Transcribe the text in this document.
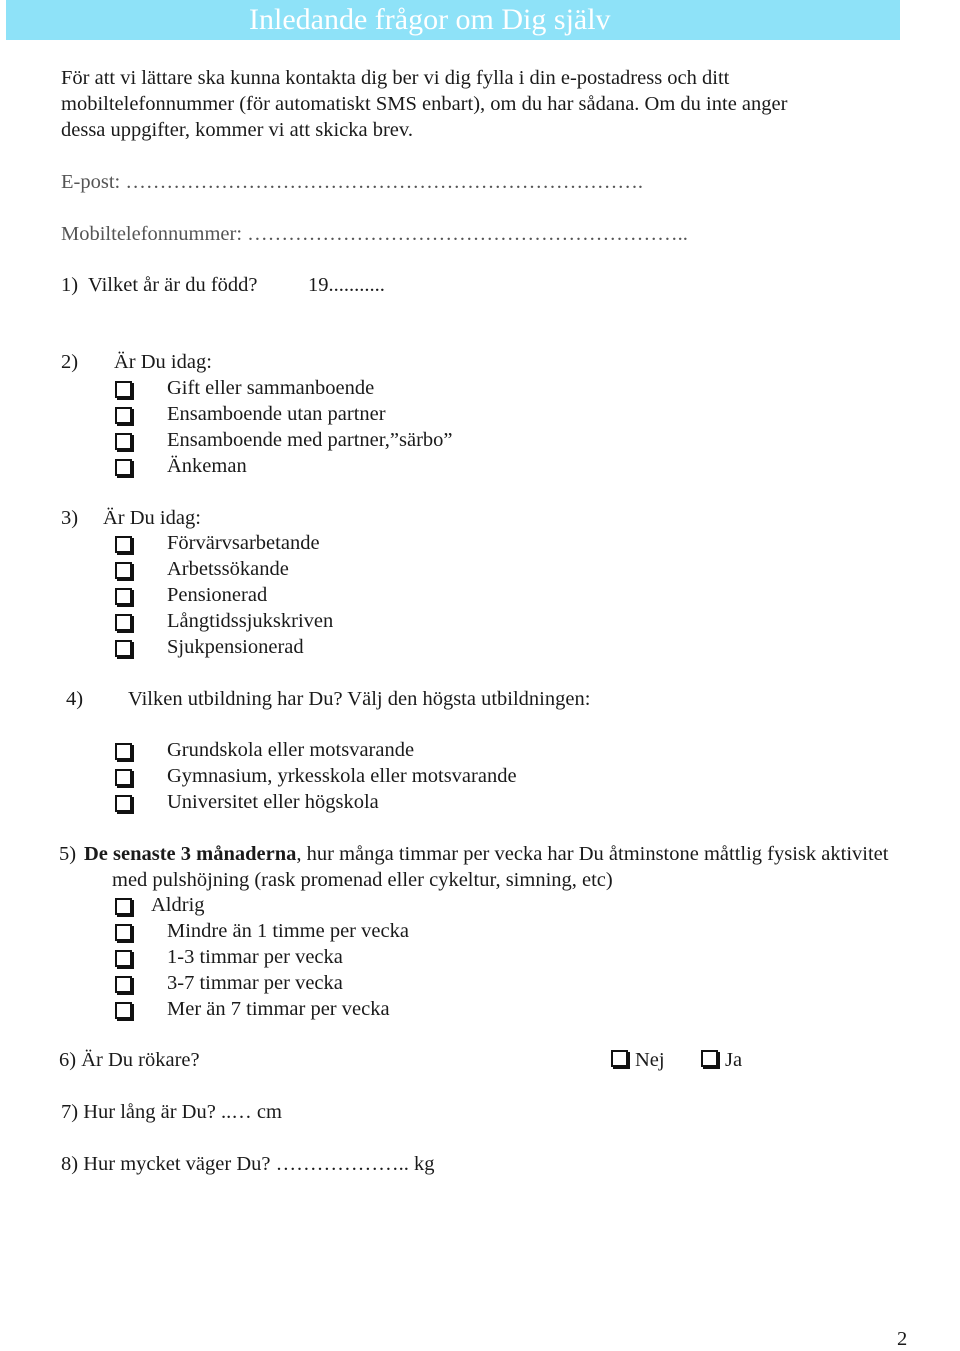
Inledande frågor om Dig själv
För att vi lättare ska kunna kontakta dig ber vi dig fylla i din e-postadress och ditt
mobiltelefonnummer (för automatiskt SMS enbart), om du har sådana. Om du inte anger
dessa uppgifter, kommer vi att skicka brev.
E-post: ………………………………………………………………….
Mobiltelefonnummer: ………………………………………………………..
1) Vilket år är du född? 19...........
2) Är Du idag:
Gift eller sammanboende
Ensamboende utan partner
Ensamboende med partner,”särbo”
Änkeman
3) Är Du idag:
Förvärvsarbetande
Arbetssökande
Pensionerad
Långtidssjukskriven
Sjukpensionerad
4) Vilken utbildning har Du? Välj den högsta utbildningen:
Grundskola eller motsvarande
Gymnasium, yrkesskola eller motsvarande
Universitet eller högskola
5) De senaste 3 månaderna, hur många timmar per vecka har Du åtminstone måttlig fysisk aktivitet
med pulshöjning (rask promenad eller cykeltur, simning, etc)
Aldrig
Mindre än 1 timme per vecka
1-3 timmar per vecka
3-7 timmar per vecka
Mer än 7 timmar per vecka
6) Är Du rökare?	Nej	Ja
7) Hur lång är Du? ..… cm
8) Hur mycket väger Du? ……………….. kg
2
